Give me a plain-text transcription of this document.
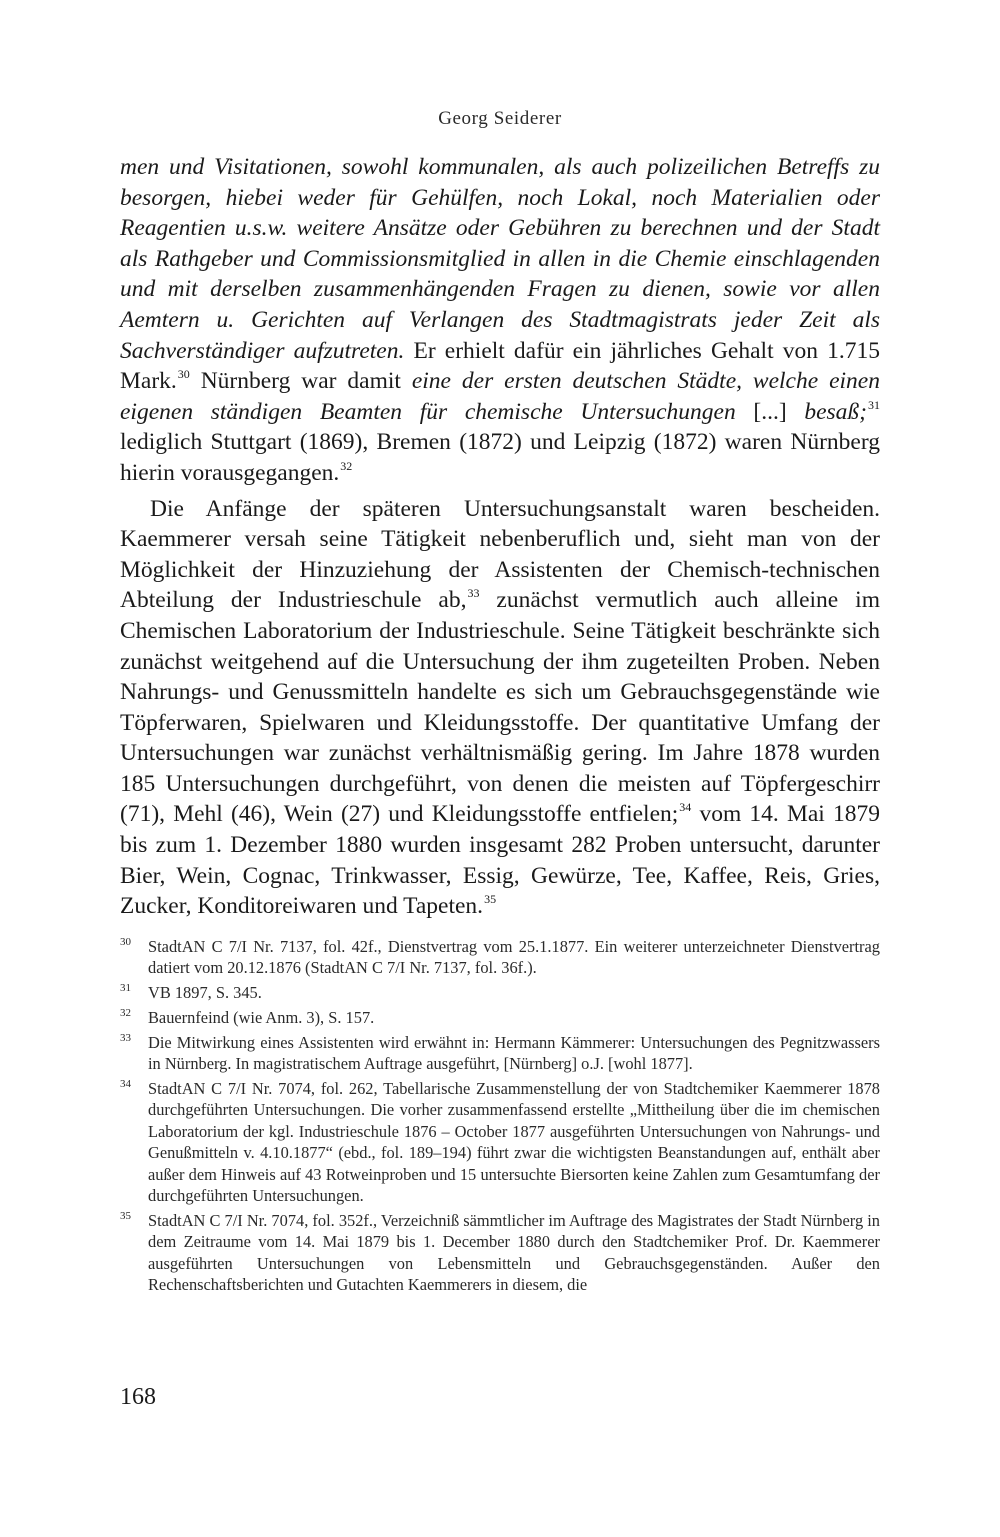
Georg Seiderer

men und Visitationen, sowohl kommunalen, als auch polizeilichen Betreffs zu besorgen, hiebei weder für Gehülfen, noch Lokal, noch Materialien oder Reagentien u.s.w. weitere Ansätze oder Gebühren zu berechnen und der Stadt als Rathgeber und Commissionsmitglied in allen in die Chemie einschlagenden und mit derselben zusammenhängenden Fragen zu dienen, sowie vor allen Aemtern u. Gerichten auf Verlangen des Stadtmagistrats jeder Zeit als Sachverständiger aufzutreten. Er erhielt dafür ein jährliches Gehalt von 1.715 Mark.$^{30}$ Nürnberg war damit eine der ersten deutschen Städte, welche einen eigenen ständigen Beamten für chemische Untersuchungen [...] besaß;$^{31}$ lediglich Stuttgart (1869), Bremen (1872) und Leipzig (1872) waren Nürnberg hierin vorausgegangen.$^{32}$

Die Anfänge der späteren Untersuchungsanstalt waren bescheiden. Kaemmerer versah seine Tätigkeit nebenberuflich und, sieht man von der Möglichkeit der Hinzuziehung der Assistenten der Chemisch-technischen Abteilung der Industrieschule ab,$^{33}$ zunächst vermutlich auch alleine im Chemischen Laboratorium der Industrieschule. Seine Tätigkeit beschränkte sich zunächst weitgehend auf die Untersuchung der ihm zugeteilten Proben. Neben Nahrungs- und Genussmitteln handelte es sich um Gebrauchsgegenstände wie Töpferwaren, Spielwaren und Kleidungsstoffe. Der quantitative Umfang der Untersuchungen war zunächst verhältnismäßig gering. Im Jahre 1878 wurden 185 Untersuchungen durchgeführt, von denen die meisten auf Töpfergeschirr (71), Mehl (46), Wein (27) und Kleidungsstoffe entfielen;$^{34}$ vom 14. Mai 1879 bis zum 1. Dezember 1880 wurden insgesamt 282 Proben untersucht, darunter Bier, Wein, Cognac, Trinkwasser, Essig, Gewürze, Tee, Kaffee, Reis, Gries, Zucker, Konditoreiwaren und Tapeten.$^{35}$

30 StadtAN C 7/I Nr. 7137, fol. 42f., Dienstvertrag vom 25.1.1877. Ein weiterer unterzeichneter Dienstvertrag datiert vom 20.12.1876 (StadtAN C 7/I Nr. 7137, fol. 36f.).
31 VB 1897, S. 345.
32 Bauernfeind (wie Anm. 3), S. 157.
33 Die Mitwirkung eines Assistenten wird erwähnt in: Hermann Kämmerer: Untersuchungen des Pegnitzwassers in Nürnberg. In magistratischem Auftrage ausgeführt, [Nürnberg] o.J. [wohl 1877].
34 StadtAN C 7/I Nr. 7074, fol. 262, Tabellarische Zusammenstellung der von Stadtchemiker Kaemmerer 1878 durchgeführten Untersuchungen. Die vorher zusammenfassend erstellte „Mittheilung über die im chemischen Laboratorium der kgl. Industrieschule 1876 – October 1877 ausgeführten Untersuchungen von Nahrungs- und Genußmitteln v. 4.10.1877“ (ebd., fol. 189–194) führt zwar die wichtigsten Beanstandungen auf, enthält aber außer dem Hinweis auf 43 Rotweinproben und 15 untersuchte Biersorten keine Zahlen zum Gesamtumfang der durchgeführten Untersuchungen.
35 StadtAN C 7/I Nr. 7074, fol. 352f., Verzeichniß sämmtlicher im Auftrage des Magistrates der Stadt Nürnberg in dem Zeitraume vom 14. Mai 1879 bis 1. December 1880 durch den Stadtchemiker Prof. Dr. Kaemmerer ausgeführten Untersuchungen von Lebensmitteln und Gebrauchsgegenständen. Außer den Rechenschaftsberichten und Gutachten Kaemmerers in diesem, die
168
